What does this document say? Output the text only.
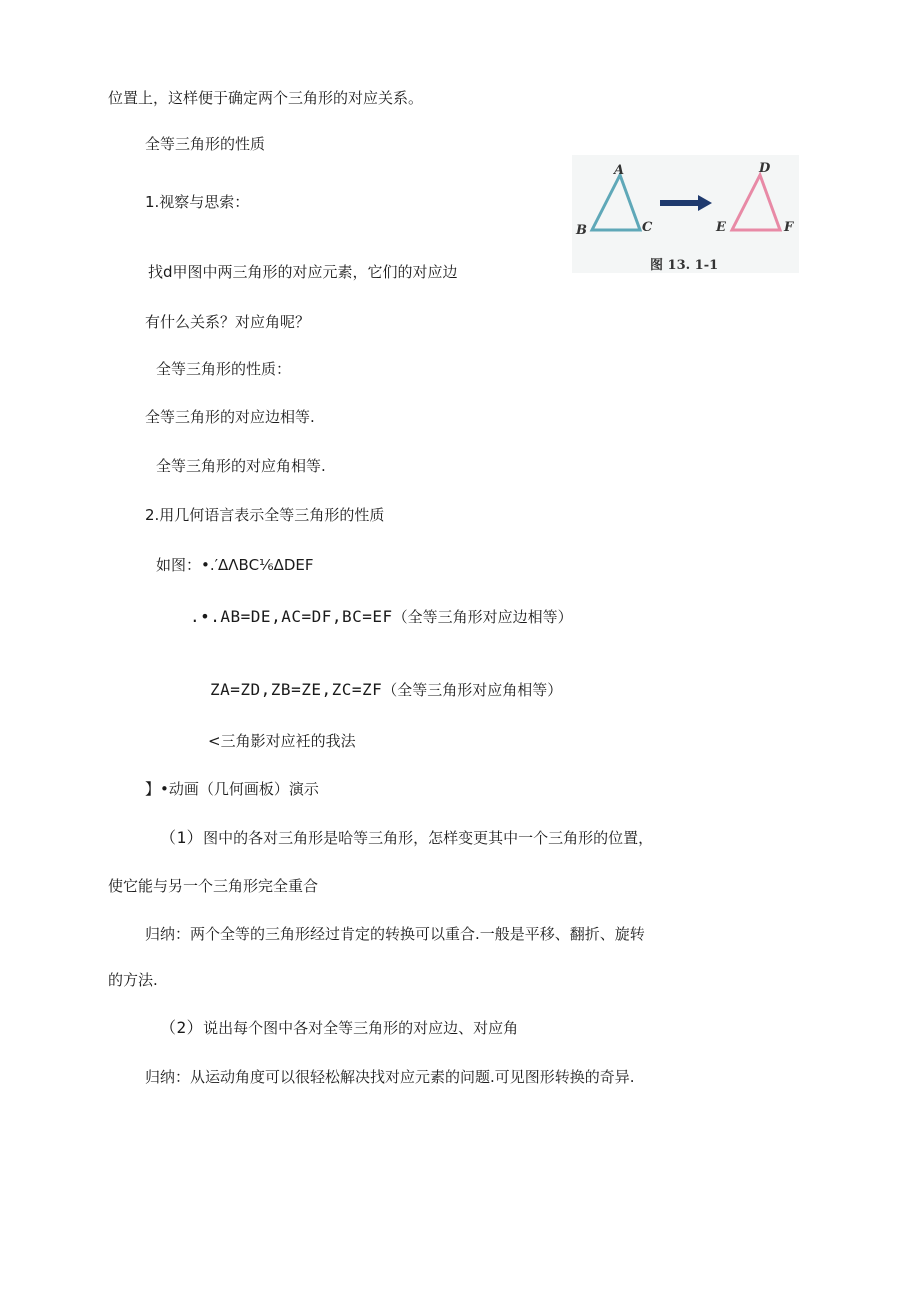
位置上，这样便于确定两个三角形的对应关系。
全等三角形的性质
1.视察与思索：
找d甲图中两三角形的对应元素，它们的对应边
有什么关系？对应角呢？
全等三角形的性质：
全等三角形的对应边相等.
全等三角形的对应角相等.
2.用几何语言表示全等三角形的性质
如图：•.′ΔΛBC⅙ΔDEF
.•.AB=DE,AC=DF,BC=EF（全等三角形对应边相等）
ZA=ZD,ZB=ZE,ZC=ZF（全等三角形对应角相等）
<三角影对应衽的我法
】•动画（几何画板）演示
（1）图中的各对三角形是哈等三角形，怎样变更其中一个三角形的位置，
使它能与另一个三角形完全重合
归纳：两个全等的三角形经过肯定的转换可以重合.一般是平移、翻折、旋转
的方法.
（2）说出每个图中各对全等三角形的对应边、对应角
归纳：从运动角度可以很轻松解决找对应元素的问题.可见图形转换的奇异.
A
B	C
D
E	F
图 13. 1-1
